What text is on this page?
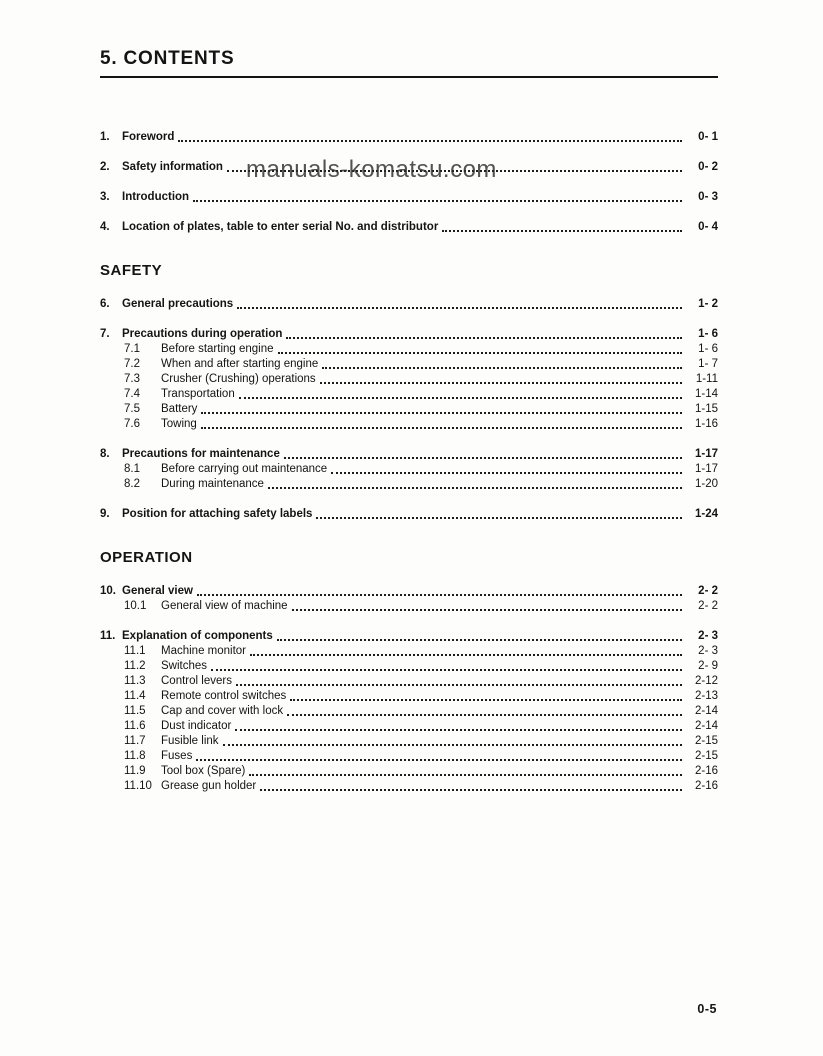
5. CONTENTS
1.	Foreword	0- 1
2.	Safety information	0- 2
3.	Introduction	0- 3
4.	Location of plates, table to enter serial No. and distributor	0- 4
SAFETY
6.	General precautions	1- 2
7.	Precautions during operation	1- 6
7.1	Before starting engine	1- 6
7.2	When and after starting engine	1- 7
7.3	Crusher (Crushing) operations	1-11
7.4	Transportation	1-14
7.5	Battery	1-15
7.6	Towing	1-16
8.	Precautions for maintenance	1-17
8.1	Before carrying out maintenance	1-17
8.2	During maintenance	1-20
9.	Position for attaching safety labels	1-24
OPERATION
10. General view	2- 2
10.1	General view of machine	2- 2
11. Explanation of components	2- 3
11.1	Machine monitor	2- 3
11.2	Switches	2- 9
11.3	Control levers	2-12
11.4	Remote control switches	2-13
11.5	Cap and cover with lock	2-14
11.6	Dust indicator	2-14
11.7	Fusible link	2-15
11.8	Fuses	2-15
11.9	Tool box (Spare)	2-16
11.10 Grease gun holder	2-16
manuals-komatsu.com
0-5
